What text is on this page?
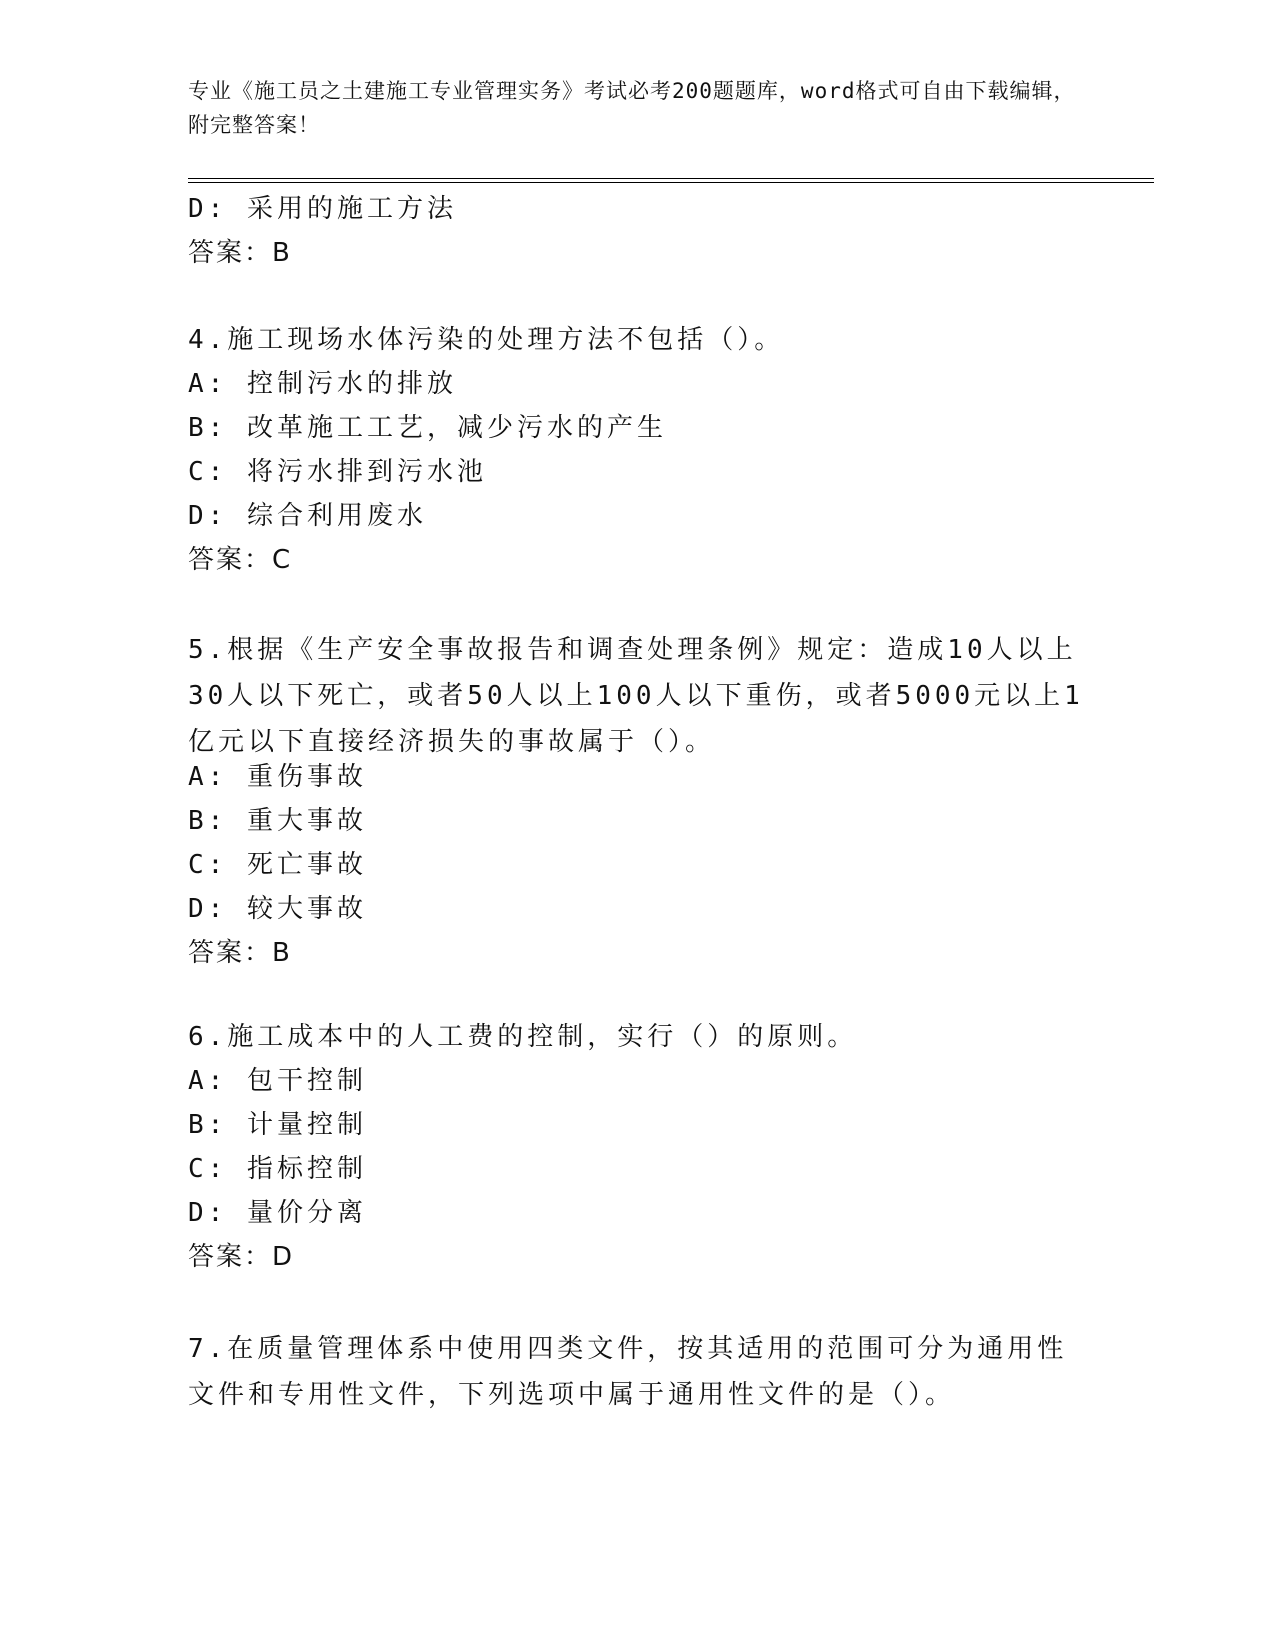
专业《施工员之土建施工专业管理实务》考试必考200题题库，word格式可自由下载编辑，附完整答案！
D: 采用的施工方法
答案：B
4.施工现场水体污染的处理方法不包括（）。
A: 控制污水的排放
B: 改革施工工艺，减少污水的产生
C: 将污水排到污水池
D: 综合利用废水
答案：C
5.根据《生产安全事故报告和调查处理条例》规定：造成10人以上30人以下死亡，或者50人以上100人以下重伤，或者5000元以上1亿元以下直接经济损失的事故属于（）。
A: 重伤事故
B: 重大事故
C: 死亡事故
D: 较大事故
答案：B
6.施工成本中的人工费的控制，实行（）的原则。
A: 包干控制
B: 计量控制
C: 指标控制
D: 量价分离
答案：D
7.在质量管理体系中使用四类文件，按其适用的范围可分为通用性文件和专用性文件，下列选项中属于通用性文件的是（）。
